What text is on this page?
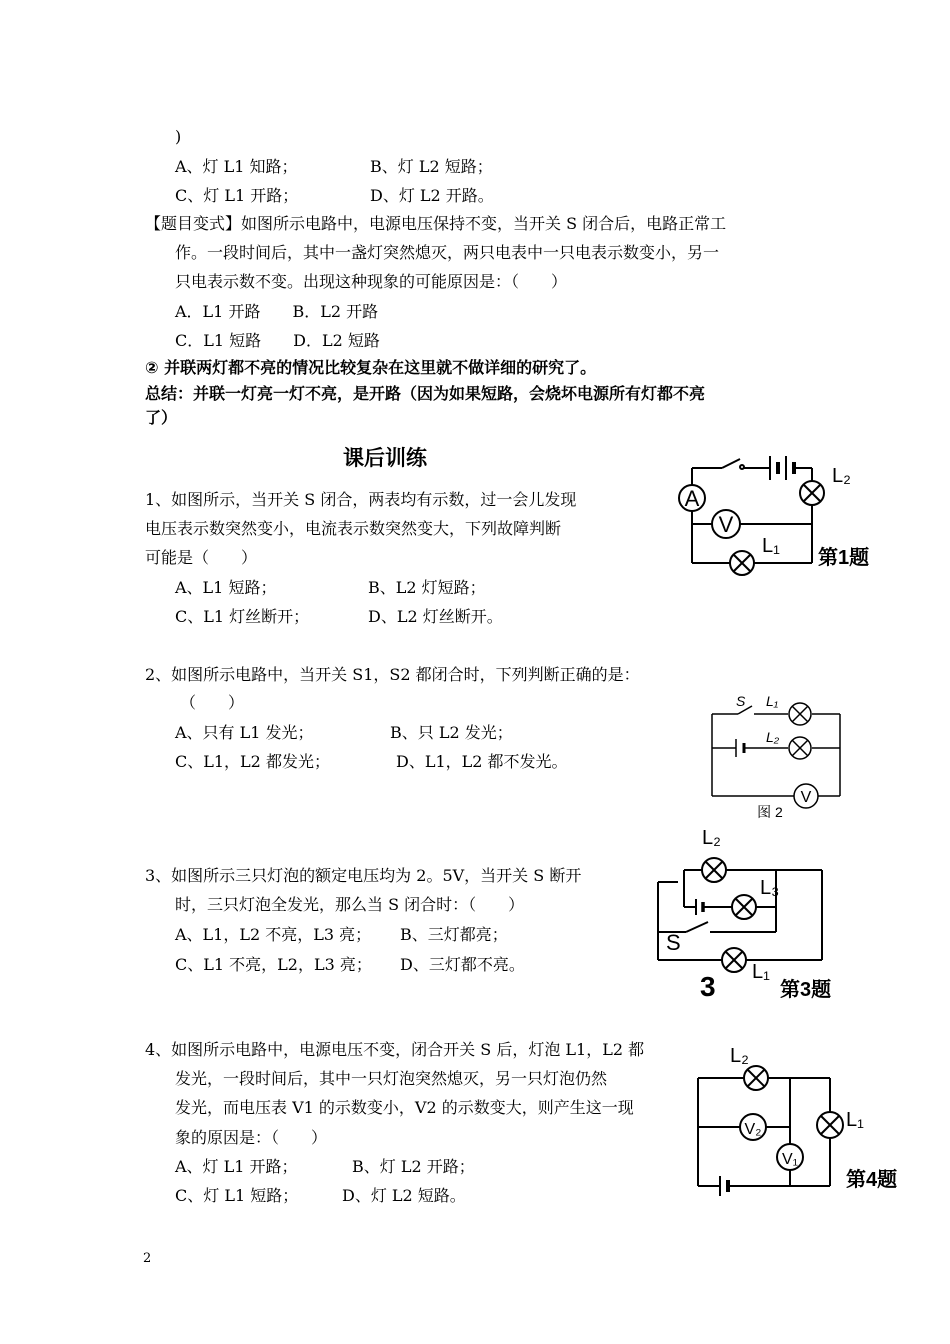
)
A、灯 L1 知路；	B、灯 L2 短路；
C、灯 L1 开路；	D、灯 L2 开路。
【题目变式】如图所示电路中，电源电压保持不变，当开关 S 闭合后，电路正常工
作。一段时间后，其中一盏灯突然熄灭，两只电表中一只电表示数变小，另一
只电表示数不变。出现这种现象的可能原因是：（　　）
A．L1 开路　　B．L2 开路
C．L1 短路　　D．L2 短路
② 并联两灯都不亮的情况比较复杂在这里就不做详细的研究了。
总结：并联一灯亮一灯不亮，是开路（因为如果短路，会烧坏电源所有灯都不亮
了）
课后训练
1、如图所示，当开关 S 闭合，两表均有示数，过一会儿发现
电压表示数突然变小，电流表示数突然变大，下列故障判断
可能是（　　）
A、L1 短路；	B、L2 灯短路；
C、L1 灯丝断开；	D、L2 灯丝断开。
A
V
L₂
L₁
第1题
2、如图所示电路中，当开关 S1，S2 都闭合时，下列判断正确的是：
（　　）
A、只有 L1 发光；	B、只 L2 发光；
C、L1，L2 都发光；	D、L1，L2 都不发光。
S L₁
L₂
V
图 2
3、如图所示三只灯泡的额定电压均为 2。5V，当开关 S 断开
时，三只灯泡全发光，那么当 S 闭合时：（　　）
A、L1，L2 不亮，L3 亮； B、三灯都亮；
C、L1 不亮，L2，L3 亮； D、三灯都不亮。
L₂
L₃
S
L₁
3	第3题
4、如图所示电路中，电源电压不变，闭合开关 S 后，灯泡 L1，L2 都
发光，一段时间后，其中一只灯泡突然熄灭，另一只灯泡仍然
发光，而电压表 V1 的示数变小，V2 的示数变大，则产生这一现
象的原因是：（　　）
A、灯 L1 开路；	B、灯 L2 开路；
C、灯 L1 短路；	D、灯 L2 短路。
L₂
L₁
V₂
V₁
第4题
2
